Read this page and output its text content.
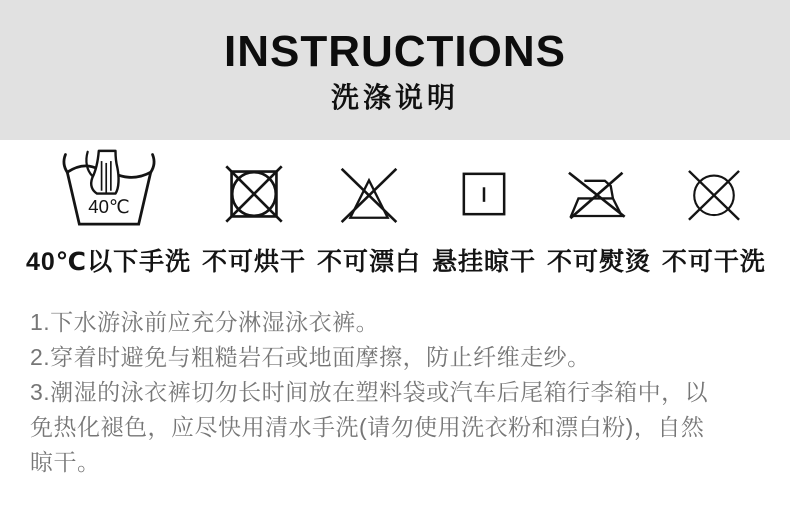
INSTRUCTIONS
洗涤说明
40℃
40℃以下手洗 不可烘干 不可漂白 悬挂晾干 不可熨烫 不可干洗

1.下水游泳前应充分淋湿泳衣裤。

2.穿着时避免与粗糙岩石或地面摩擦，防止纤维走纱。

3.潮湿的泳衣裤切勿长时间放在塑料袋或汽车后尾箱行李箱中，以免热化褪色，应尽快用清水手洗(请勿使用洗衣粉和漂白粉)，自然晾干。
